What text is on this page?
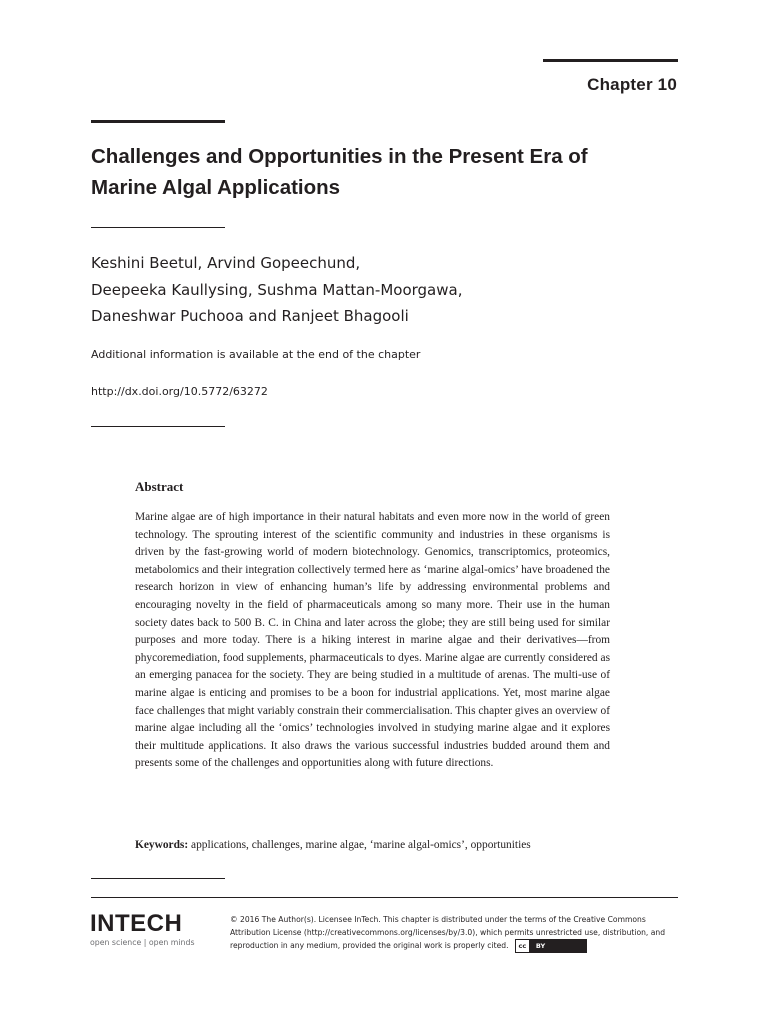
Chapter 10
Challenges and Opportunities in the Present Era of
Marine Algal Applications
Keshini Beetul, Arvind Gopeechund,
Deepeeka Kaullysing, Sushma Mattan-Moorgawa,
Daneshwar Puchooa and Ranjeet Bhagooli
Additional information is available at the end of the chapter
http://dx.doi.org/10.5772/63272
Abstract
Marine algae are of high importance in their natural habitats and even more now in the world of green technology. The sprouting interest of the scientific community and industries in these organisms is driven by the fast-growing world of modern biotechnology. Genomics, transcriptomics, proteomics, metabolomics and their integration collectively termed here as ‘marine algal-omics’ have broadened the research horizon in view of enhancing human’s life by addressing environmental problems and encouraging novelty in the field of pharmaceuticals among so many more. Their use in the human society dates back to 500 B. C. in China and later across the globe; they are still being used for similar purposes and more today. There is a hiking interest in marine algae and their derivatives—from phycoremediation, food supplements, pharmaceuticals to dyes. Marine algae are currently considered as an emerging panacea for the society. They are being studied in a multitude of arenas. The multi-use of marine algae is enticing and promises to be a boon for industrial applications. Yet, most marine algae face challenges that might variably constrain their commercialisation. This chapter gives an overview of marine algae including all the ‘omics’ technologies involved in studying marine algae and it explores their multitude applications. It also draws the various successful industries budded around them and presents some of the challenges and opportunities along with future directions.
Keywords: applications, challenges, marine algae, ‘marine algal-omics’, opportunities
INTECH
open science | open minds
© 2016 The Author(s). Licensee InTech. This chapter is distributed under the terms of the Creative Commons Attribution License (http://creativecommons.org/licenses/by/3.0), which permits unrestricted use, distribution, and reproduction in any medium, provided the original work is properly cited.	cc	BY
